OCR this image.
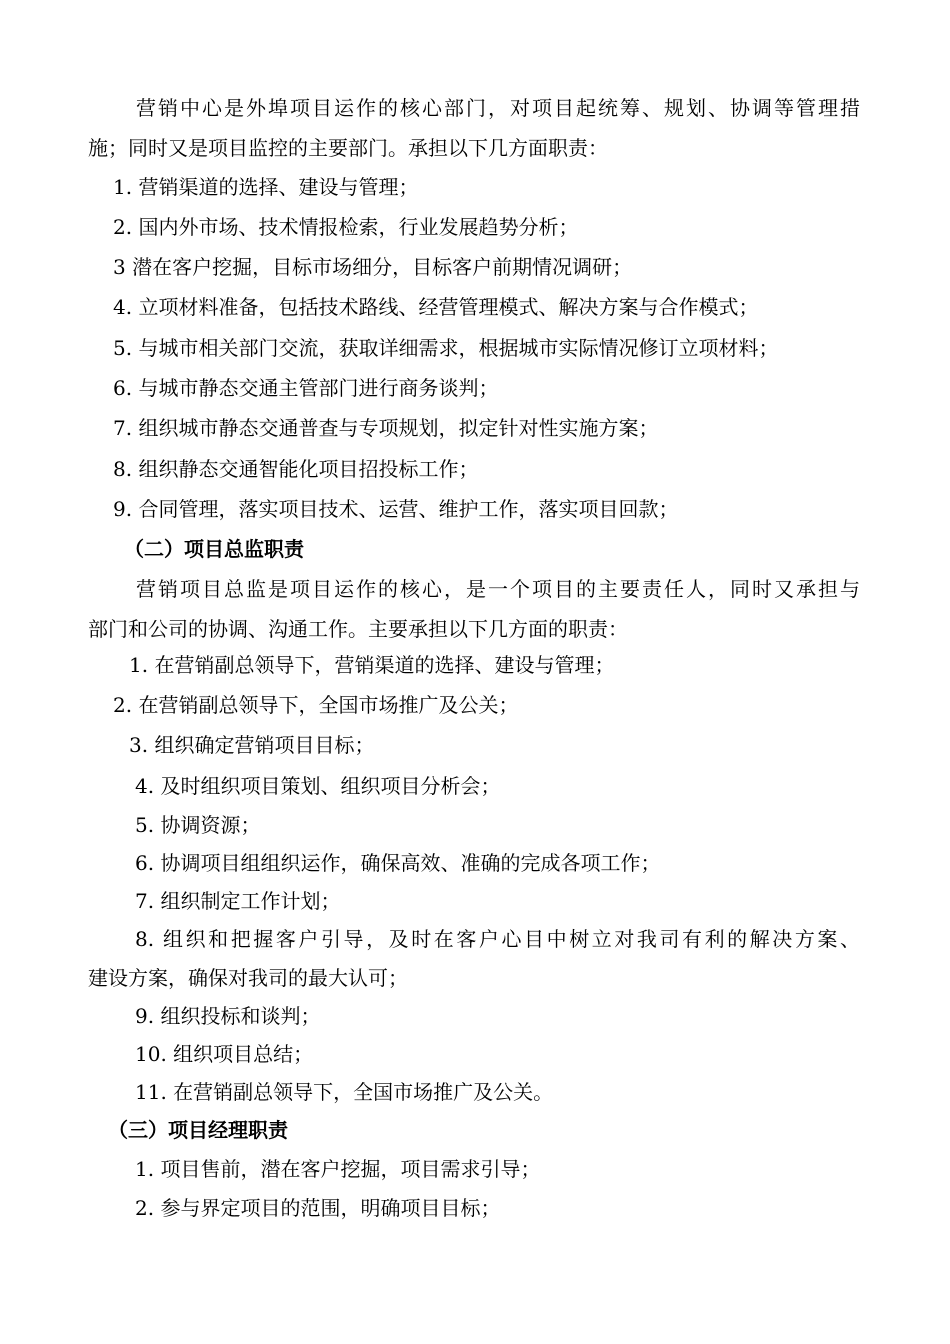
营销中心是外埠项目运作的核心部门，对项目起统筹、规划、协调等管理措
施；同时又是项目监控的主要部门。承担以下几方面职责：
1. 营销渠道的选择、建设与管理；
2. 国内外市场、技术情报检索，行业发展趋势分析；
3 潜在客户挖掘，目标市场细分，目标客户前期情况调研；
4. 立项材料准备，包括技术路线、经营管理模式、解决方案与合作模式；
5. 与城市相关部门交流，获取详细需求，根据城市实际情况修订立项材料；
6. 与城市静态交通主管部门进行商务谈判；
7. 组织城市静态交通普查与专项规划，拟定针对性实施方案；
8. 组织静态交通智能化项目招投标工作；
9. 合同管理，落实项目技术、运营、维护工作，落实项目回款；
（二）项目总监职责
营销项目总监是项目运作的核心，是一个项目的主要责任人，同时又承担与
部门和公司的协调、沟通工作。主要承担以下几方面的职责：
1. 在营销副总领导下，营销渠道的选择、建设与管理；
2. 在营销副总领导下，全国市场推广及公关；
3. 组织确定营销项目目标；
4. 及时组织项目策划、组织项目分析会；
5. 协调资源；
6. 协调项目组组织运作，确保高效、准确的完成各项工作；
7. 组织制定工作计划；
8. 组织和把握客户引导，及时在客户心目中树立对我司有利的解决方案、
建设方案，确保对我司的最大认可；
9. 组织投标和谈判；
10. 组织项目总结；
11. 在营销副总领导下，全国市场推广及公关。
（三）项目经理职责
1. 项目售前，潜在客户挖掘，项目需求引导；
2. 参与界定项目的范围，明确项目目标；
